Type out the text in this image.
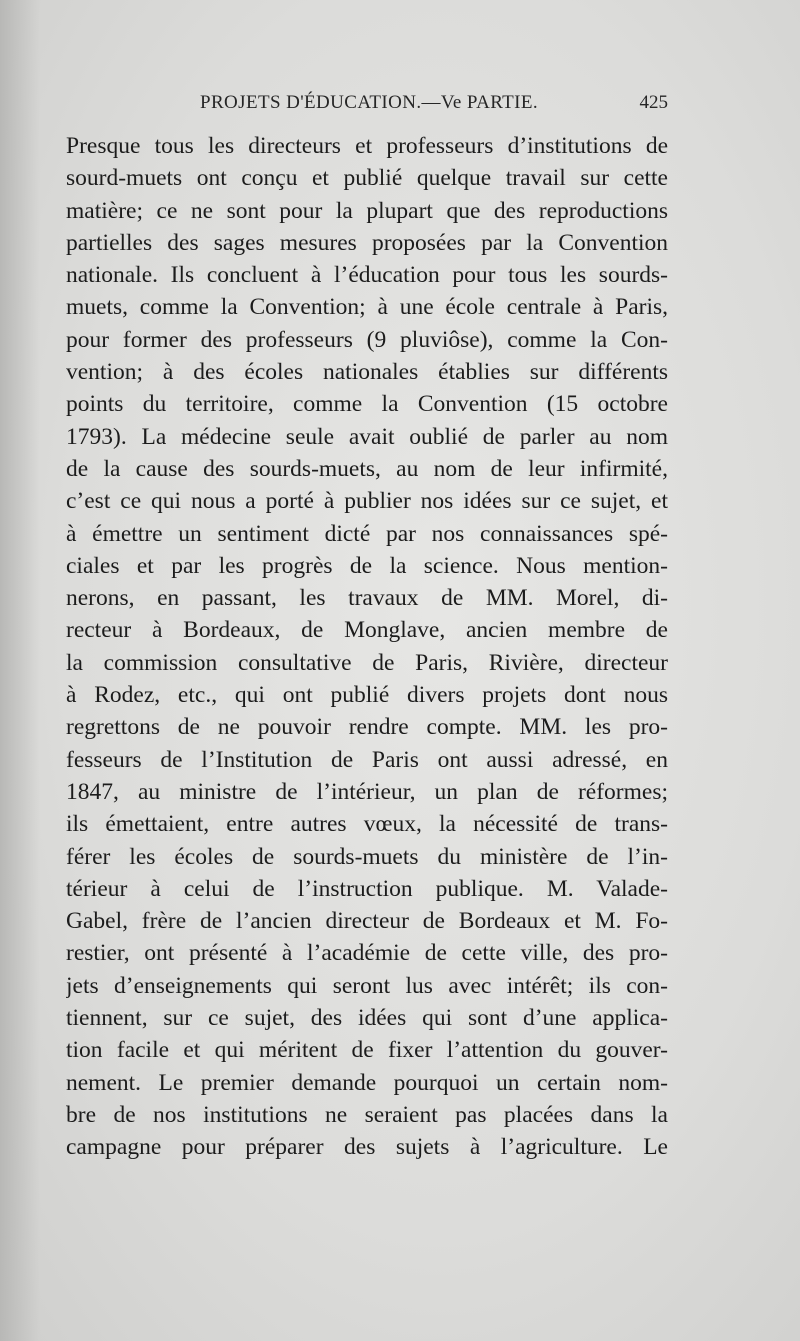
PROJETS D'ÉDUCATION.—Ve PARTIE.	425
Presque tous les directeurs et professeurs d’institutions de
sourd-muets ont conçu et publié quelque travail sur cette
matière; ce ne sont pour la plupart que des reproductions
partielles des sages mesures proposées par la Convention
nationale. Ils concluent à l’éducation pour tous les sourds-
muets, comme la Convention; à une école centrale à Paris,
pour former des professeurs (9 pluviôse), comme la Con-
vention; à des écoles nationales établies sur différents
points du territoire, comme la Convention (15 octobre
1793). La médecine seule avait oublié de parler au nom
de la cause des sourds-muets, au nom de leur infirmité,
c’est ce qui nous a porté à publier nos idées sur ce sujet, et
à émettre un sentiment dicté par nos connaissances spé-
ciales et par les progrès de la science. Nous mention-
nerons, en passant, les travaux de MM. Morel, di-
recteur à Bordeaux, de Monglave, ancien membre de
la commission consultative de Paris, Rivière, directeur
à Rodez, etc., qui ont publié divers projets dont nous
regrettons de ne pouvoir rendre compte. MM. les pro-
fesseurs de l’Institution de Paris ont aussi adressé, en
1847, au ministre de l’intérieur, un plan de réformes;
ils émettaient, entre autres vœux, la nécessité de trans-
férer les écoles de sourds-muets du ministère de l’in-
térieur à celui de l’instruction publique. M. Valade-
Gabel, frère de l’ancien directeur de Bordeaux et M. Fo-
restier, ont présenté à l’académie de cette ville, des pro-
jets d’enseignements qui seront lus avec intérêt; ils con-
tiennent, sur ce sujet, des idées qui sont d’une applica-
tion facile et qui méritent de fixer l’attention du gouver-
nement. Le premier demande pourquoi un certain nom-
bre de nos institutions ne seraient pas placées dans la
campagne pour préparer des sujets à l’agriculture. Le
